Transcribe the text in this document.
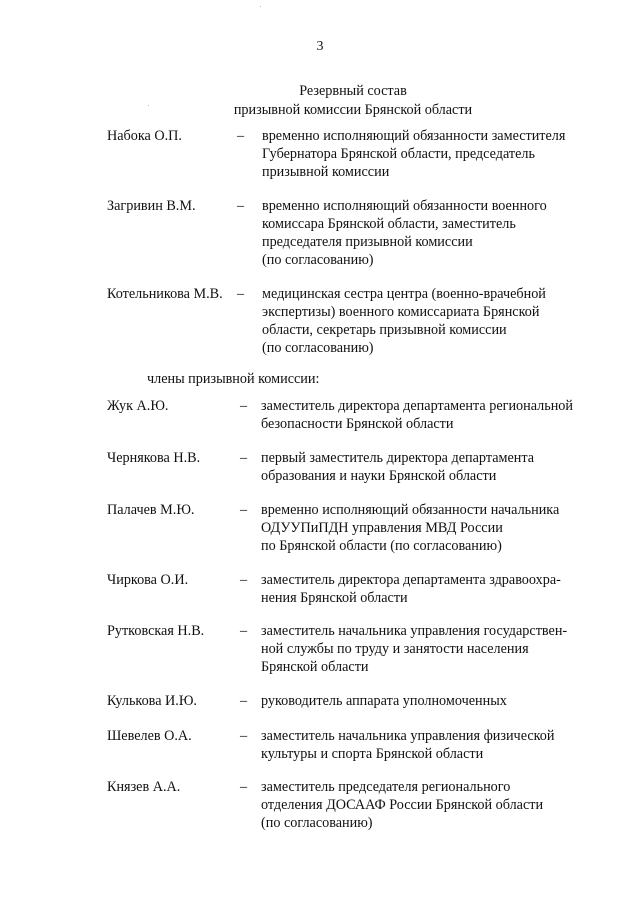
3
Резервный состав
призывной комиссии Брянской области
Набока О.П.	– временно исполняющий обязанности заместителя
Губернатора Брянской области, председатель
призывной комиссии
Загривин В.М.	– временно исполняющий обязанности военного
комиссара Брянской области, заместитель
председателя призывной комиссии
(по согласованию)
Котельникова М.В. – медицинская сестра центра (военно-врачебной
экспертизы) военного комиссариата Брянской
области, секретарь призывной комиссии
(по согласованию)
члены призывной комиссии:
Жук А.Ю.	– заместитель директора департамента региональной
безопасности Брянской области
Чернякова Н.В.	– первый заместитель директора департамента
образования и науки Брянской области
Палачев М.Ю.	– временно исполняющий обязанности начальника
ОДУУПиПДН управления МВД России
по Брянской области (по согласованию)
Чиркова О.И.	– заместитель директора департамента здравоохра-
нения Брянской области
Рутковская Н.В.	– заместитель начальника управления государствен-
ной службы по труду и занятости населения
Брянской области
Кулькова И.Ю.	– руководитель аппарата уполномоченных
Шевелев О.А.	– заместитель начальника управления физической
культуры и спорта Брянской области
Князев А.А.	– заместитель председателя регионального
отделения ДОСААФ России Брянской области
(по согласованию)
